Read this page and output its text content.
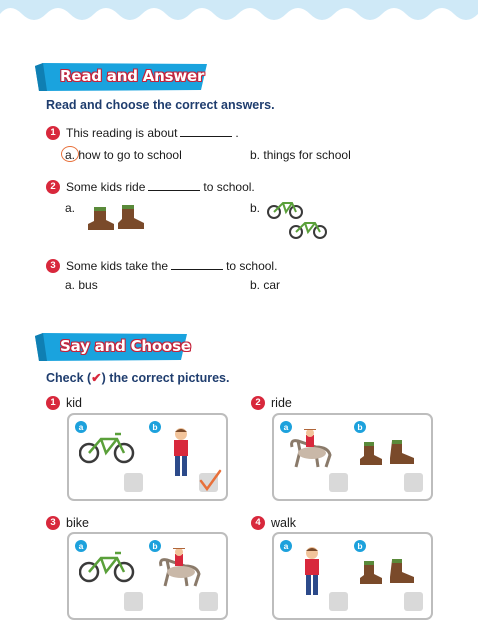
Read and Answer
Read and choose the correct answers.
1 This reading is about	.
a. how to go to school	b. things for school
2 Some kids ride	to school.
a.	b.
3 Some kids take the	to school.
a. bus	b. car
Say and Choose
Check (✔) the correct pictures.
1 kid
a	b
2 ride
a	b
3 bike
a	b
4 walk
a	b
